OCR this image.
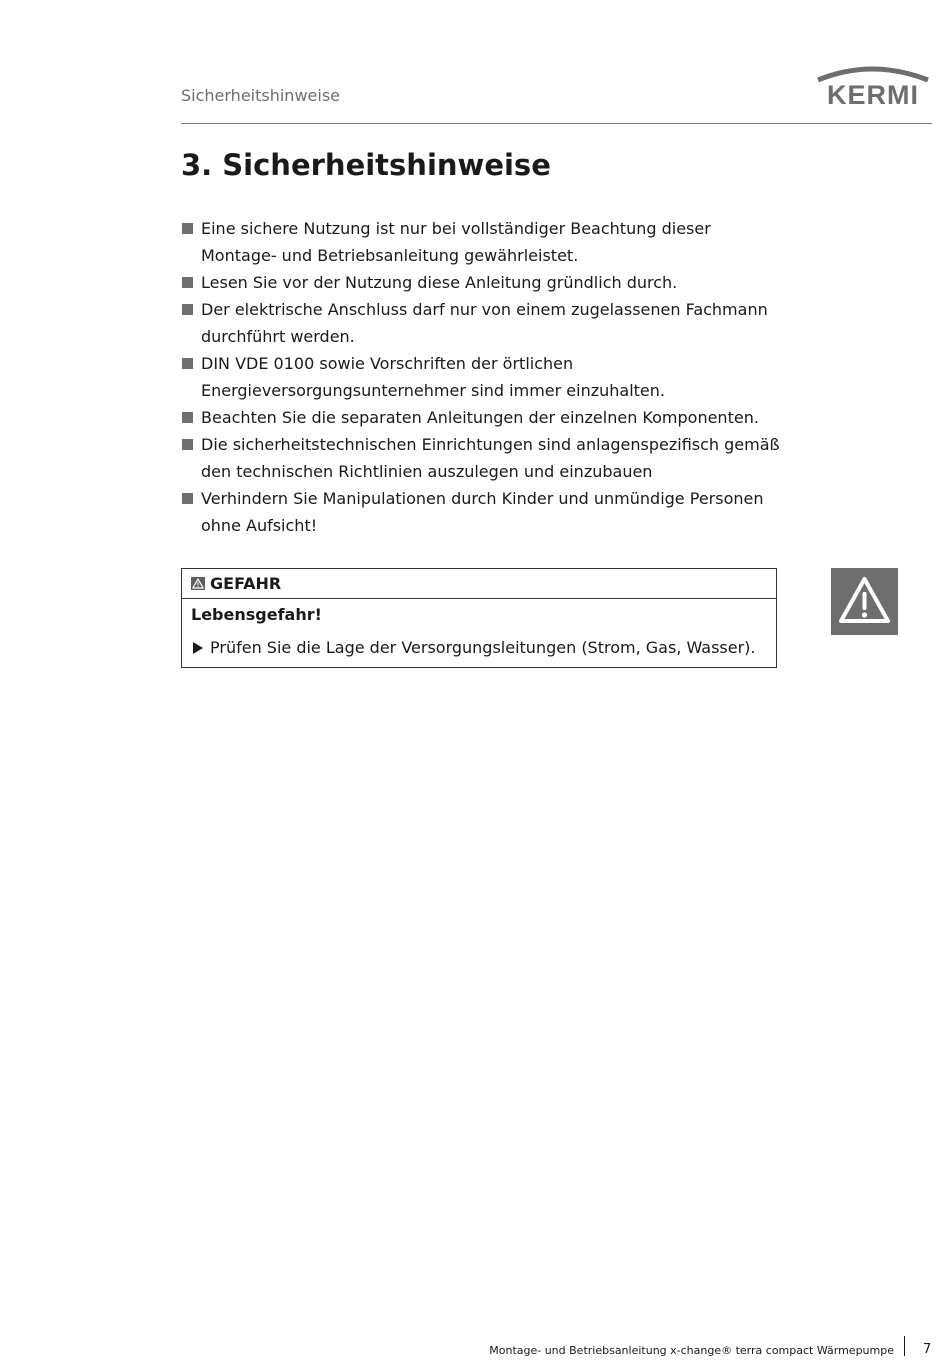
Sicherheitshinweise	KERMI
3. Sicherheitshinweise
Eine sichere Nutzung ist nur bei vollständiger Beachtung dieser Montage- und Betriebsanleitung gewährleistet.
Lesen Sie vor der Nutzung diese Anleitung gründlich durch.
Der elektrische Anschluss darf nur von einem zugelassenen Fachmann durchführt werden.
DIN VDE 0100 sowie Vorschriften der örtlichen Energieversorgungsunternehmer sind immer einzuhalten.
Beachten Sie die separaten Anleitungen der einzelnen Komponenten.
Die sicherheitstechnischen Einrichtungen sind anlagenspezifisch gemäß den technischen Richtlinien auszulegen und einzubauen
Verhindern Sie Manipulationen durch Kinder und unmündige Personen ohne Aufsicht!
GEFAHR
Lebensgefahr!
Prüfen Sie die Lage der Versorgungsleitungen (Strom, Gas, Wasser).
Montage- und Betriebsanleitung x-change® terra compact Wärmepumpe 7
